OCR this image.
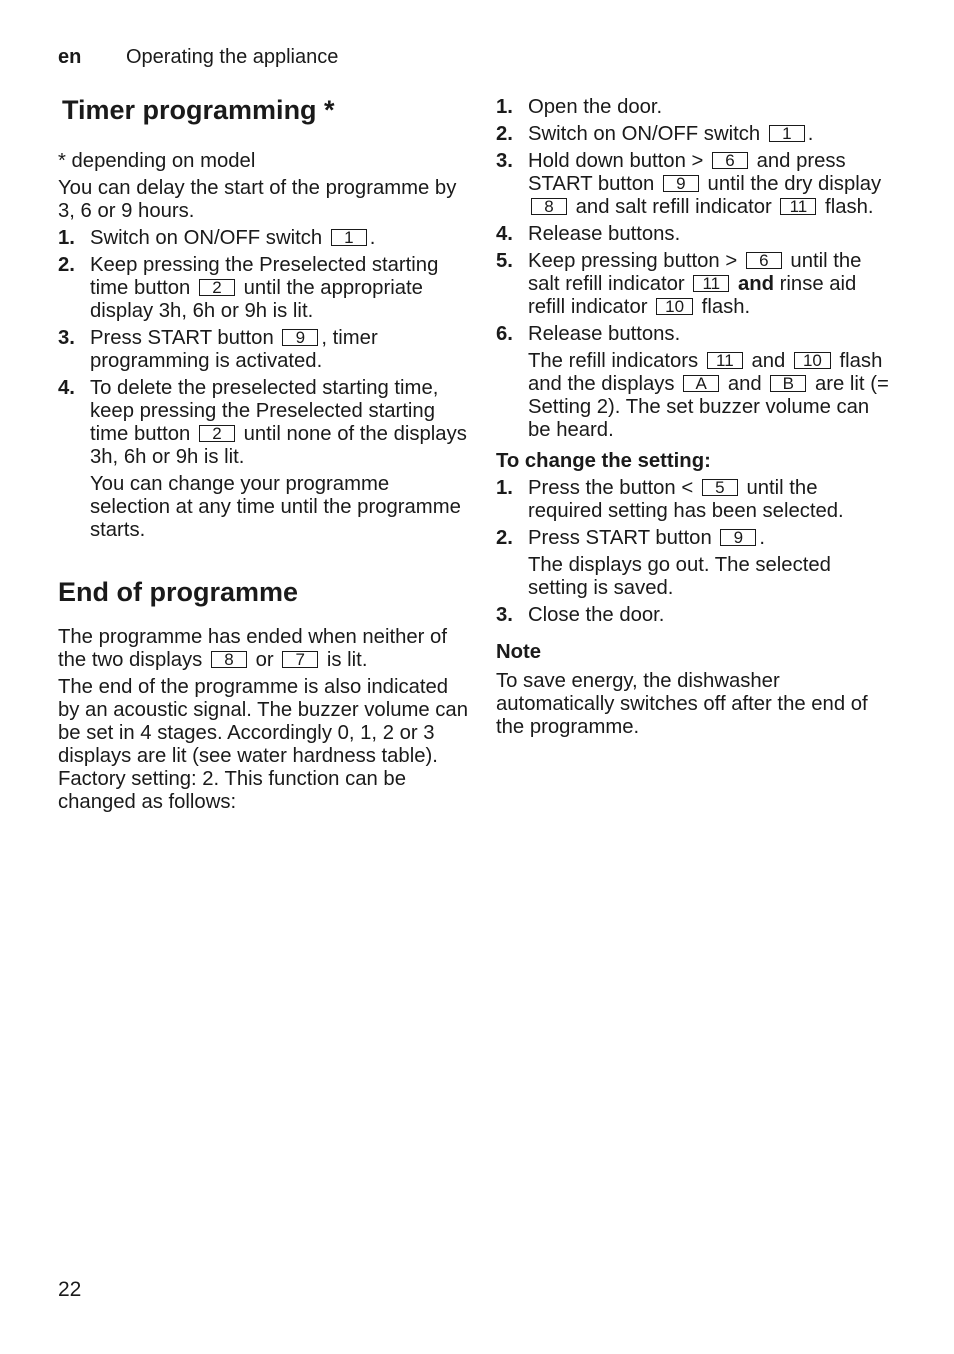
en Operating the appliance
Timer programming *

* depending on model

You can delay the start of the programme by 3, 6 or 9 hours.

1. Switch on ON/OFF switch 1 .
2. Keep pressing the Preselected starting time button 2 until the appropriate display 3h, 6h or 9h is lit.
3. Press START button 9 , timer programming is activated.
4. To delete the preselected starting time, keep pressing the Preselected starting time button 2 until none of the displays 3h, 6h or 9h is lit.

You can change your programme selection at any time until the programme starts.

End of programme

The programme has ended when neither of the two displays 8 or 7 is lit.

The end of the programme is also indicated by an acoustic signal. The buzzer volume can be set in 4 stages. Accordingly 0, 1, 2 or 3 displays are lit (see water hardness table). Factory setting: 2. This function can be changed as follows:

1. Open the door.
2. Switch on ON/OFF switch 1 .
3. Hold down button > 6 and press START button 9 until the dry display 8 and salt refill indicator 11 flash.
4. Release buttons.
5. Keep pressing button > 6 until the salt refill indicator 11 and rinse aid refill indicator 10 flash.
6. Release buttons.

The refill indicators 11 and 10 flash and the displays A and B are lit (= Setting 2). The set buzzer volume can be heard.

To change the setting:

1. Press the button < 5 until the required setting has been selected.
2. Press START button 9 .

The displays go out. The selected setting is saved.

3. Close the door.

Note

To save energy, the dishwasher automatically switches off after the end of the programme.

22
